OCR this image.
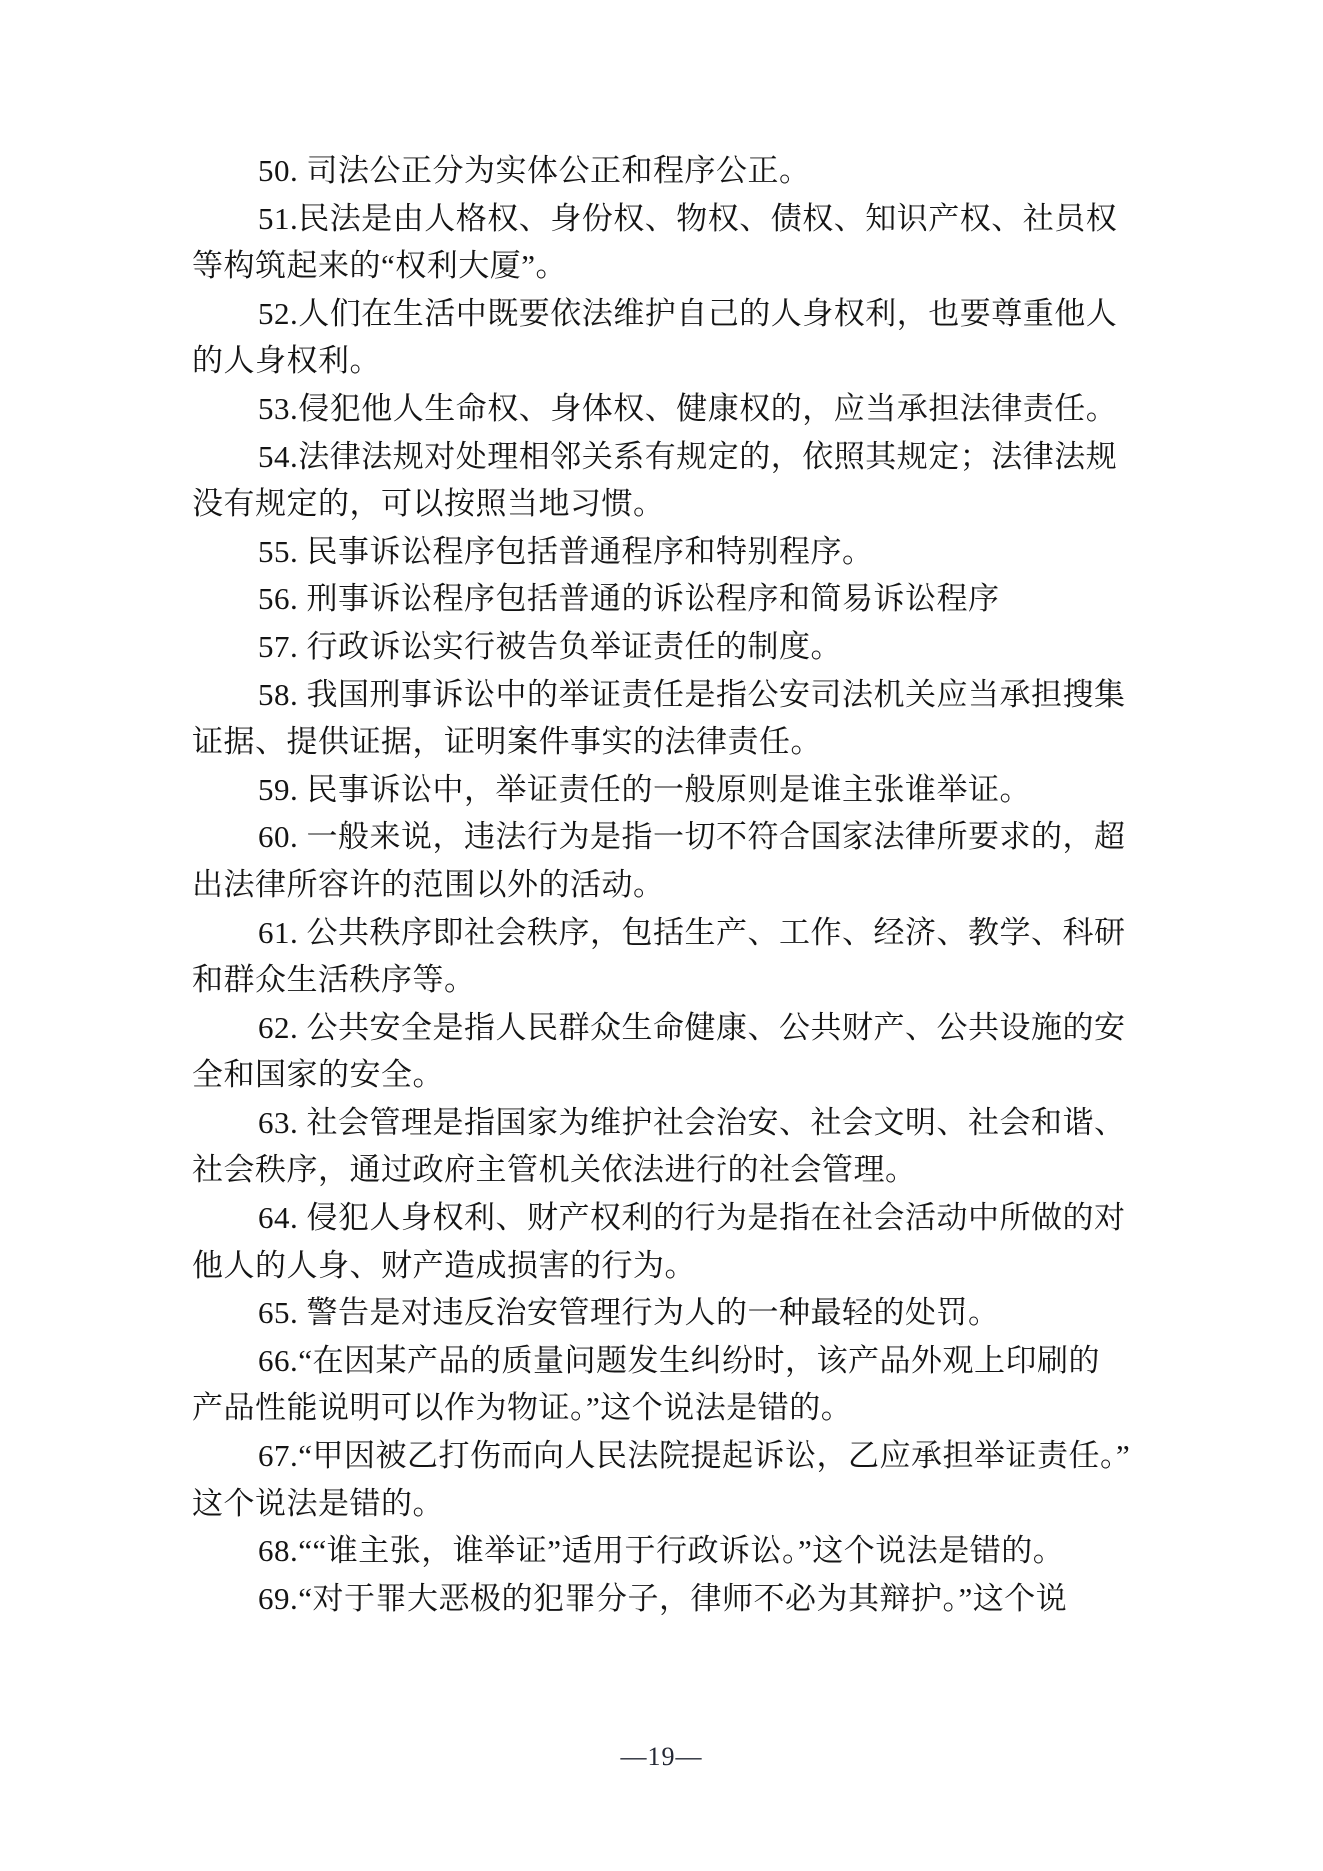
50. 司法公正分为实体公正和程序公正。
51.民法是由人格权、身份权、物权、债权、知识产权、社员权
等构筑起来的“权利大厦”。
52.人们在生活中既要依法维护自己的人身权利，也要尊重他人
的人身权利。
53.侵犯他人生命权、身体权、健康权的，应当承担法律责任。
54.法律法规对处理相邻关系有规定的，依照其规定；法律法规
没有规定的，可以按照当地习惯。
55. 民事诉讼程序包括普通程序和特别程序。
56. 刑事诉讼程序包括普通的诉讼程序和简易诉讼程序
57. 行政诉讼实行被告负举证责任的制度。
58. 我国刑事诉讼中的举证责任是指公安司法机关应当承担搜集
证据、提供证据，证明案件事实的法律责任。
59. 民事诉讼中，举证责任的一般原则是谁主张谁举证。
60. 一般来说，违法行为是指一切不符合国家法律所要求的，超
出法律所容许的范围以外的活动。
61. 公共秩序即社会秩序，包括生产、工作、经济、教学、科研
和群众生活秩序等。
62. 公共安全是指人民群众生命健康、公共财产、公共设施的安
全和国家的安全。
63. 社会管理是指国家为维护社会治安、社会文明、社会和谐、
社会秩序，通过政府主管机关依法进行的社会管理。
64. 侵犯人身权利、财产权利的行为是指在社会活动中所做的对
他人的人身、财产造成损害的行为。
65. 警告是对违反治安管理行为人的一种最轻的处罚。
66.“在因某产品的质量问题发生纠纷时，该产品外观上印刷的
产品性能说明可以作为物证。”这个说法是错的。
67.“甲因被乙打伤而向人民法院提起诉讼，乙应承担举证责任。”
这个说法是错的。
68.““谁主张，谁举证”适用于行政诉讼。”这个说法是错的。
69.“对于罪大恶极的犯罪分子，律师不必为其辩护。”这个说
—19—
